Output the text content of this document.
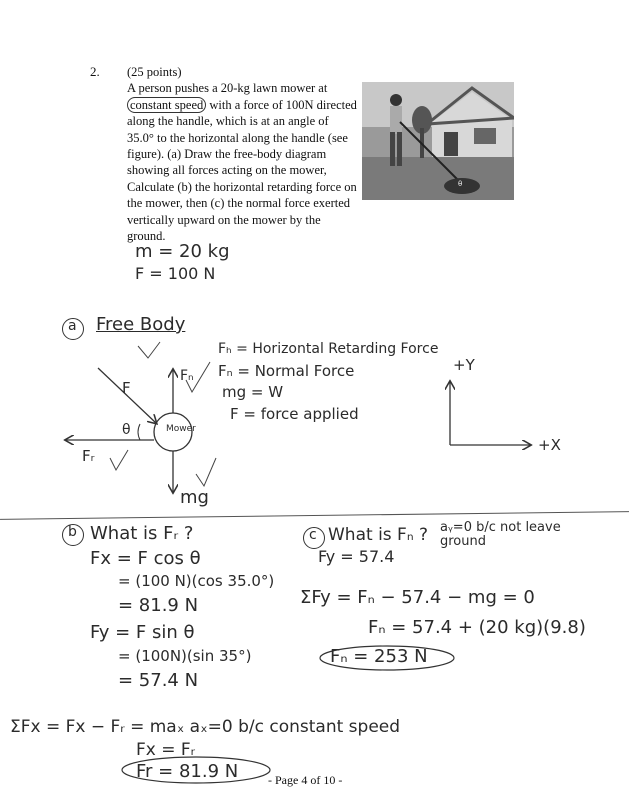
2. (25 points)
A person pushes a 20-kg lawn mower at
constant speed with a force of 100N directed along the handle, which is at an angle of 35.0° to the horizontal along the handle (see figure). (a) Draw the free-body diagram showing all forces acting on the mower, Calculate (b) the horizontal retarding force on the mower, then (c) the normal force exerted vertically upward on the mower by the ground.
θ
m = 20 kg
F = 100 N
a Free Body
Fₕ = Horizontal Retarding Force
Fₙ = Normal Force
mg = W
F = force applied
Mower
F
Fₙ
Fᵣ
mg
θ
+Y
+X
b What is Fᵣ ?
Fx = F cos θ
= (100 N)(cos 35.0°)
= 81.9 N
Fy = F sin θ
= (100N)(sin 35°)
= 57.4 N
ΣFx = Fx − Fᵣ = maₓ aₓ=0 b/c constant speed
Fx = Fᵣ
Fr = 81.9 N
c What is Fₙ ? aᵧ=0 b/c not leave ground
Fy = 57.4
ΣFy = Fₙ − 57.4 − mg = 0
Fₙ = 57.4 + (20 kg)(9.8)
Fₙ = 253 N
- Page 4 of 10 -
